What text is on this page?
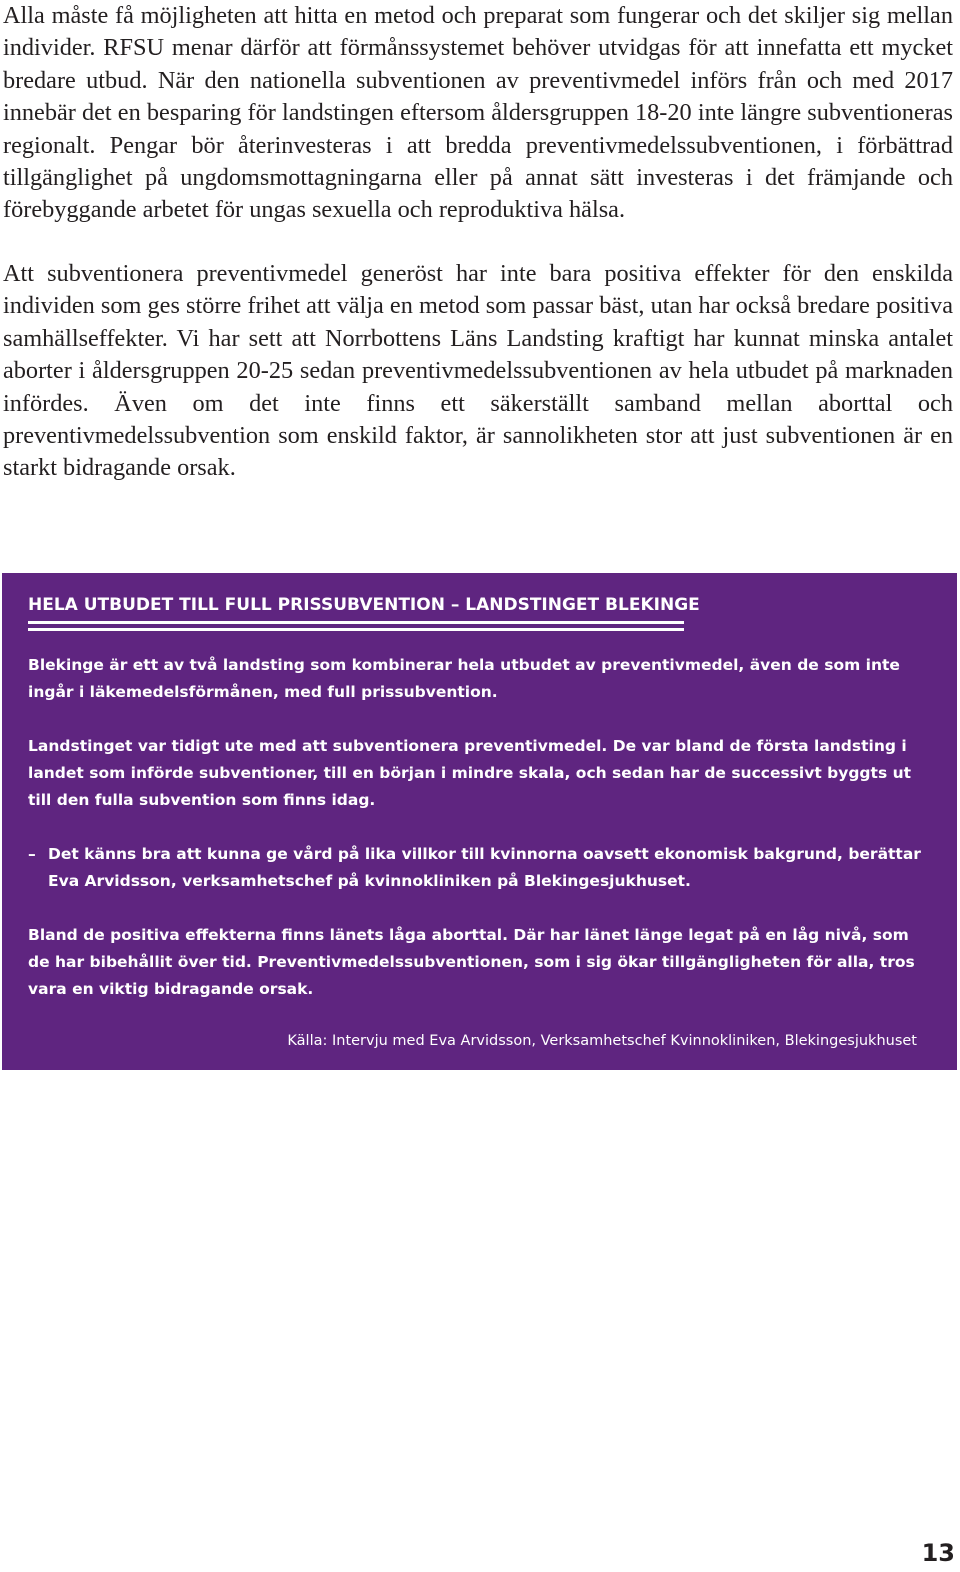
Alla måste få möjligheten att hitta en metod och preparat som fungerar och det skiljer sig mellan individer. RFSU menar därför att förmånssystemet behöver utvidgas för att innefatta ett mycket bredare utbud. När den nationella subventionen av preventivmedel införs från och med 2017 innebär det en besparing för landstingen eftersom åldersgruppen 18-20 inte längre subventioneras regionalt. Pengar bör återinvesteras i att bredda preventivmedelssubventionen, i förbättrad tillgänglighet på ungdomsmottagningarna eller på annat sätt investeras i det främjande och förebyggande arbetet för ungas sexuella och reproduktiva hälsa.

Att subventionera preventivmedel generöst har inte bara positiva effekter för den enskilda individen som ges större frihet att välja en metod som passar bäst, utan har också bredare positiva samhällseffekter. Vi har sett att Norrbottens Läns Landsting kraftigt har kunnat minska antalet aborter i åldersgruppen 20-25 sedan preventivmedelssubventionen av hela utbudet på marknaden infördes. Även om det inte finns ett säkerställt samband mellan aborttal och preventivmedelssubvention som enskild faktor, är sannolikheten stor att just subventionen är en starkt bidragande orsak.

HELA UTBUDET TILL FULL PRISSUBVENTION – LANDSTINGET BLEKINGE

Blekinge är ett av två landsting som kombinerar hela utbudet av preventivmedel, även de som inte ingår i läkemedelsförmånen, med full prissubvention.

Landstinget var tidigt ute med att subventionera preventivmedel. De var bland de första landsting i landet som införde subventioner, till en början i mindre skala, och sedan har de successivt byggts ut till den fulla subvention som finns idag.

– Det känns bra att kunna ge vård på lika villkor till kvinnorna oavsett ekonomisk bakgrund, berättar Eva Arvidsson, verksamhetschef på kvinnokliniken på Blekingesjukhuset.

Bland de positiva effekterna finns länets låga aborttal. Där har länet länge legat på en låg nivå, som de har bibehållit över tid. Preventivmedelssubventionen, som i sig ökar tillgängligheten för alla, tros vara en viktig bidragande orsak.

Källa: Intervju med Eva Arvidsson, Verksamhetschef Kvinnokliniken, Blekingesjukhuset

13
